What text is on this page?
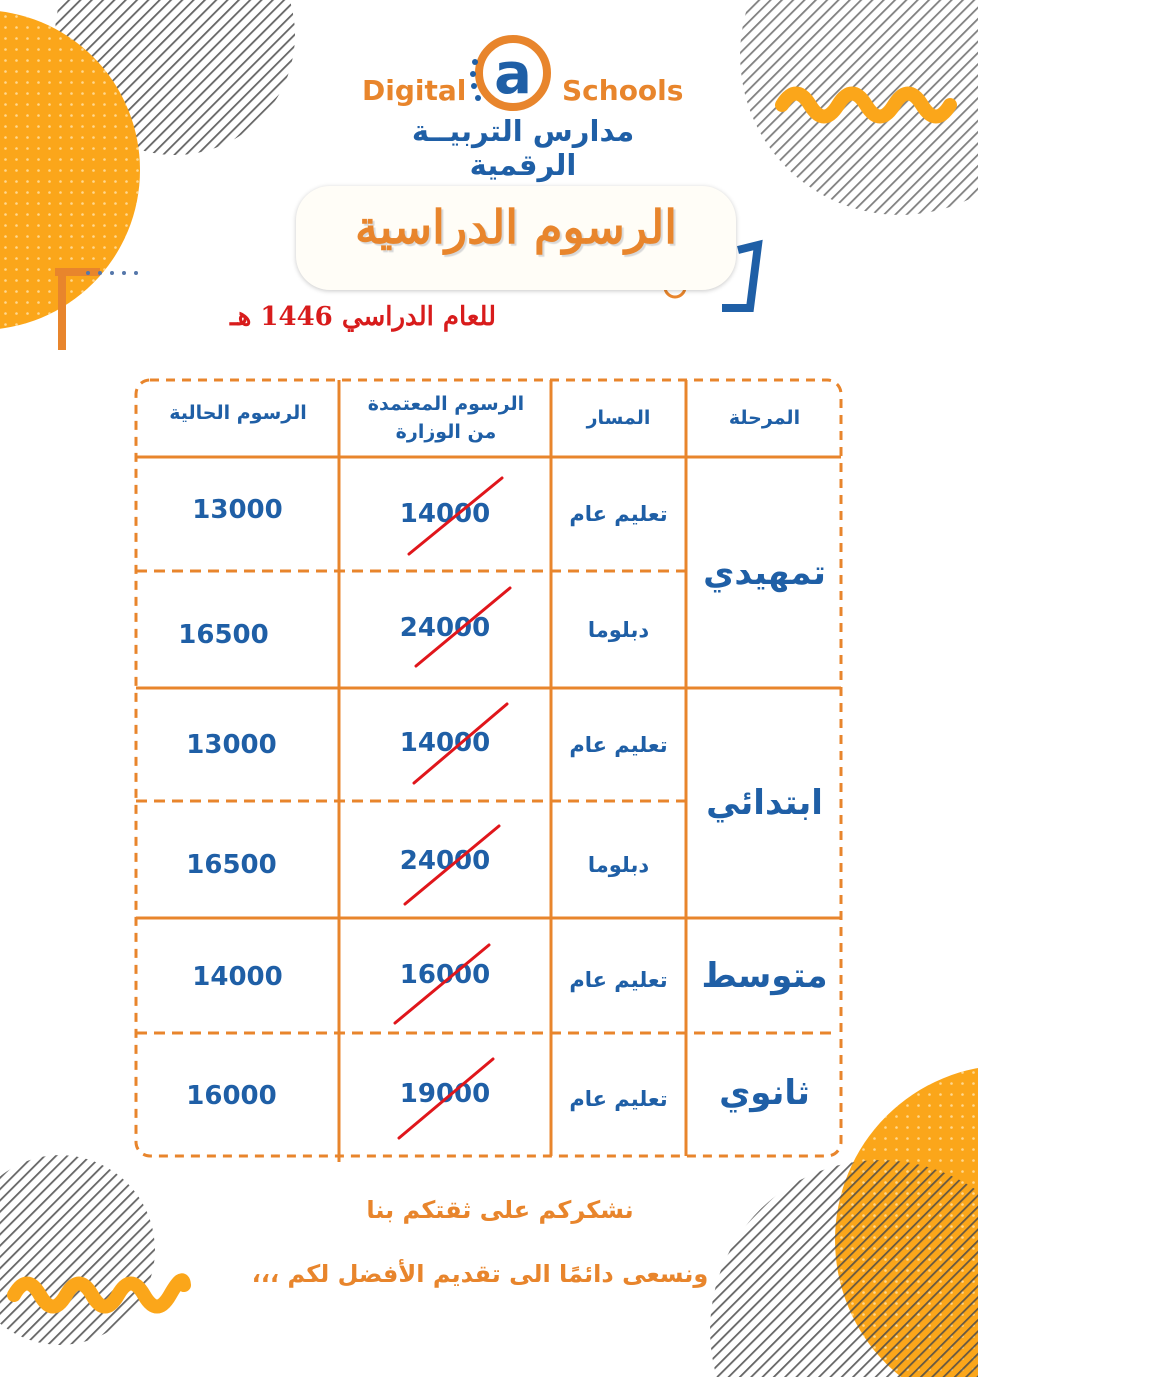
a
Digital	Schools
مدارس التربيــة الرقمية
الرسوم الدراسية
للعام الدراسي 1446 هـ
المرحلة
المسار
الرسوم المعتمدة من الوزارة
الرسوم الحالية
تمهيدي
ابتدائي
متوسط
ثانوي
تعليم عام
14000
13000
دبلوما
24000
16500
تعليم عام
14000
13000
دبلوما
24000
16500
تعليم عام
16000
14000
تعليم عام
19000
16000
نشكركم على ثقتكم بنا
ونسعى دائمًا الى تقديم الأفضل لكم ،،،
